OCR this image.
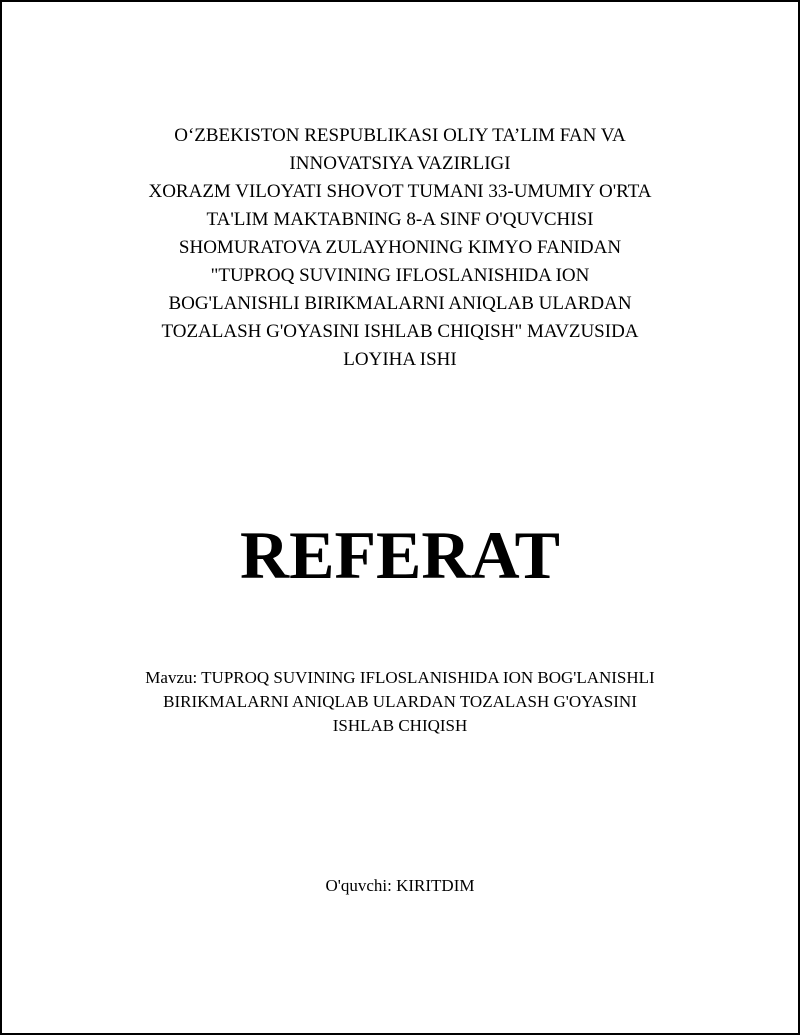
O‘ZBEKISTON RESPUBLIKASI OLIY TA’LIM FAN VA
INNOVATSIYA VAZIRLIGI
XORAZM VILOYATI SHOVOT TUMANI 33-UMUMIY O'RTA
TA'LIM MAKTABNING 8-A SINF O'QUVCHISI
SHOMURATOVA ZULAYHONING KIMYO FANIDAN
"TUPROQ SUVINING IFLOSLANISHIDA ION
BOG'LANISHLI BIRIKMALARNI ANIQLAB ULARDAN
TOZALASH G'OYASINI ISHLAB CHIQISH" MAVZUSIDA
LOYIHA ISHI
REFERAT
Mavzu: TUPROQ SUVINING IFLOSLANISHIDA ION BOG'LANISHLI
BIRIKMALARNI ANIQLAB ULARDAN TOZALASH G'OYASINI
ISHLAB CHIQISH
O'quvchi: KIRITDIM
